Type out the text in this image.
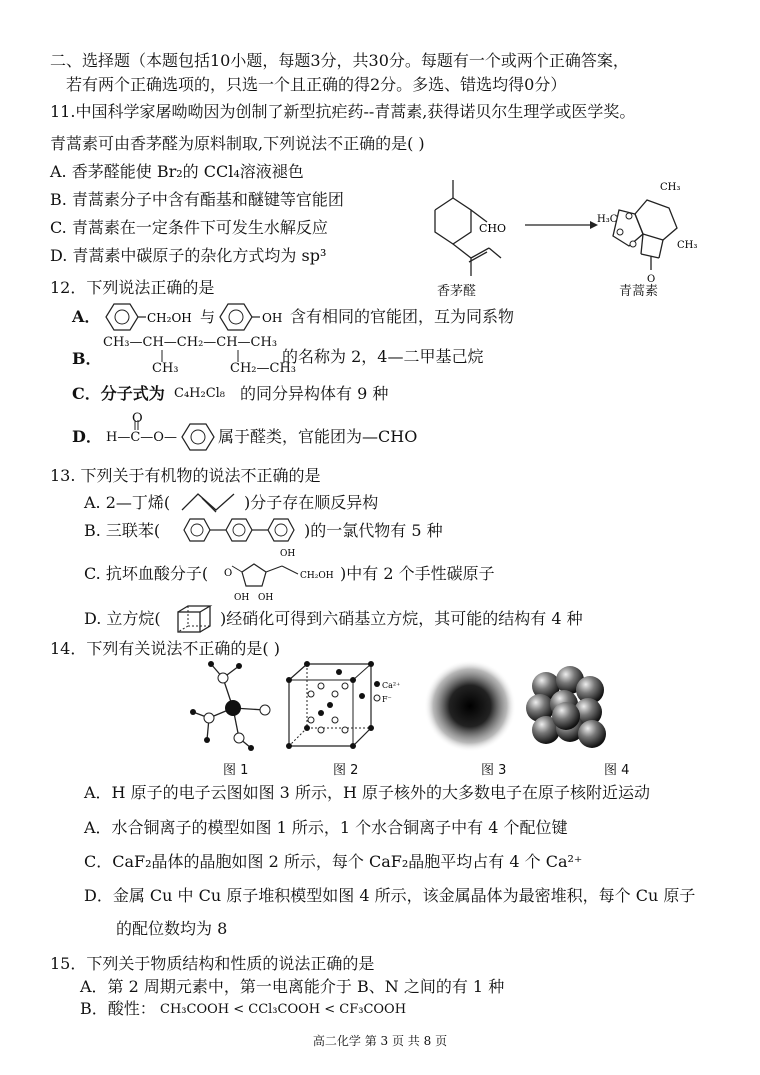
二、选择题（本题包括10小题，每题3分，共30分。每题有一个或两个正确答案，
若有两个正确选项的，只选一个且正确的得2分。多选、错选均得0分）
11.中国科学家屠呦呦因为创制了新型抗疟药--青蒿素,获得诺贝尔生理学或医学奖。
青蒿素可由香茅醛为原料制取,下列说法不正确的是( )
A. 香茅醛能使 Br₂的 CCl₄溶液褪色
B. 青蒿素分子中含有酯基和醚键等官能团
C. 青蒿素在一定条件下可发生水解反应
D. 青蒿素中碳原子的杂化方式均为 sp³
CHO
CH₃
H₃C
CH₃
O
香茅醛	青蒿素
12．下列说法正确的是
A．	CH₂OH 与	OH 含有相同的官能团，互为同系物
B．
CH₃—CH—CH₂—CH—CH₃
CH₃	CH₂—CH₃
的名称为 2，4—二甲基己烷
C．分子式为 C₄H₂Cl₈ 的同分异构体有 9 种
D．
O
H—C—O—	属于醛类，官能团为—CHO
13. 下列关于有机物的说法不正确的是
A. 2—丁烯(	)分子存在顺反异构
B. 三联苯(	)的一氯代物有 5 种
C. 抗坏血酸分子( O
OH
CH₂OH
OH OH
)中有 2 个手性碳原子
D. 立方烷(	)经硝化可得到六硝基立方烷，其可能的结构有 4 种
14．下列有关说法不正确的是( )
图 1
Ca²⁺
F⁻
图 2	图 3	图 4
A．H 原子的电子云图如图 3 所示，H 原子核外的大多数电子在原子核附近运动
A．水合铜离子的模型如图 1 所示，1 个水合铜离子中有 4 个配位键
C．CaF₂晶体的晶胞如图 2 所示，每个 CaF₂晶胞平均占有 4 个 Ca²⁺
D．金属 Cu 中 Cu 原子堆积模型如图 4 所示，该金属晶体为最密堆积，每个 Cu 原子
的配位数均为 8
15．下列关于物质结构和性质的说法正确的是
A．第 2 周期元素中，第一电离能介于 B、N 之间的有 1 种
B．酸性： CH₃COOH < CCl₃COOH < CF₃COOH
高二化学 第 3 页 共 8 页
